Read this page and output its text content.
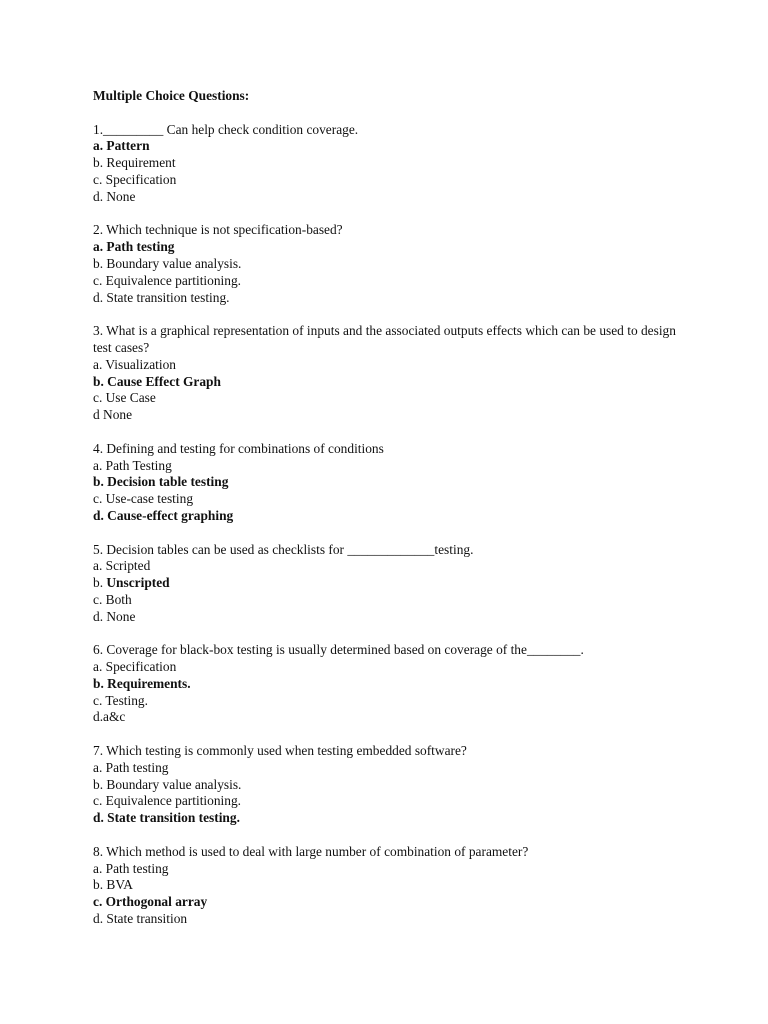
Multiple Choice Questions:
1._________ Can help check condition coverage.
a. Pattern
b. Requirement
c. Specification
d. None
2. Which technique is not specification-based?
a. Path testing
b. Boundary value analysis.
c. Equivalence partitioning.
d. State transition testing.
3. What is a graphical representation of inputs and the associated outputs effects which can be used to design test cases?
a. Visualization
b. Cause Effect Graph
c. Use Case
d None
4. Defining and testing for combinations of conditions
a. Path Testing
b. Decision table testing
c. Use-case testing
d. Cause-effect graphing
5. Decision tables can be used as checklists for _____________testing.
a. Scripted
b. Unscripted
c. Both
d. None
6. Coverage for black-box testing is usually determined based on coverage of the________.
a. Specification
b. Requirements.
c. Testing.
d.a&c
7. Which testing is commonly used when testing embedded software?
a. Path testing
b. Boundary value analysis.
c. Equivalence partitioning.
d. State transition testing.
8. Which method is used to deal with large number of combination of parameter?
a. Path testing
b. BVA
c. Orthogonal array
d. State transition
